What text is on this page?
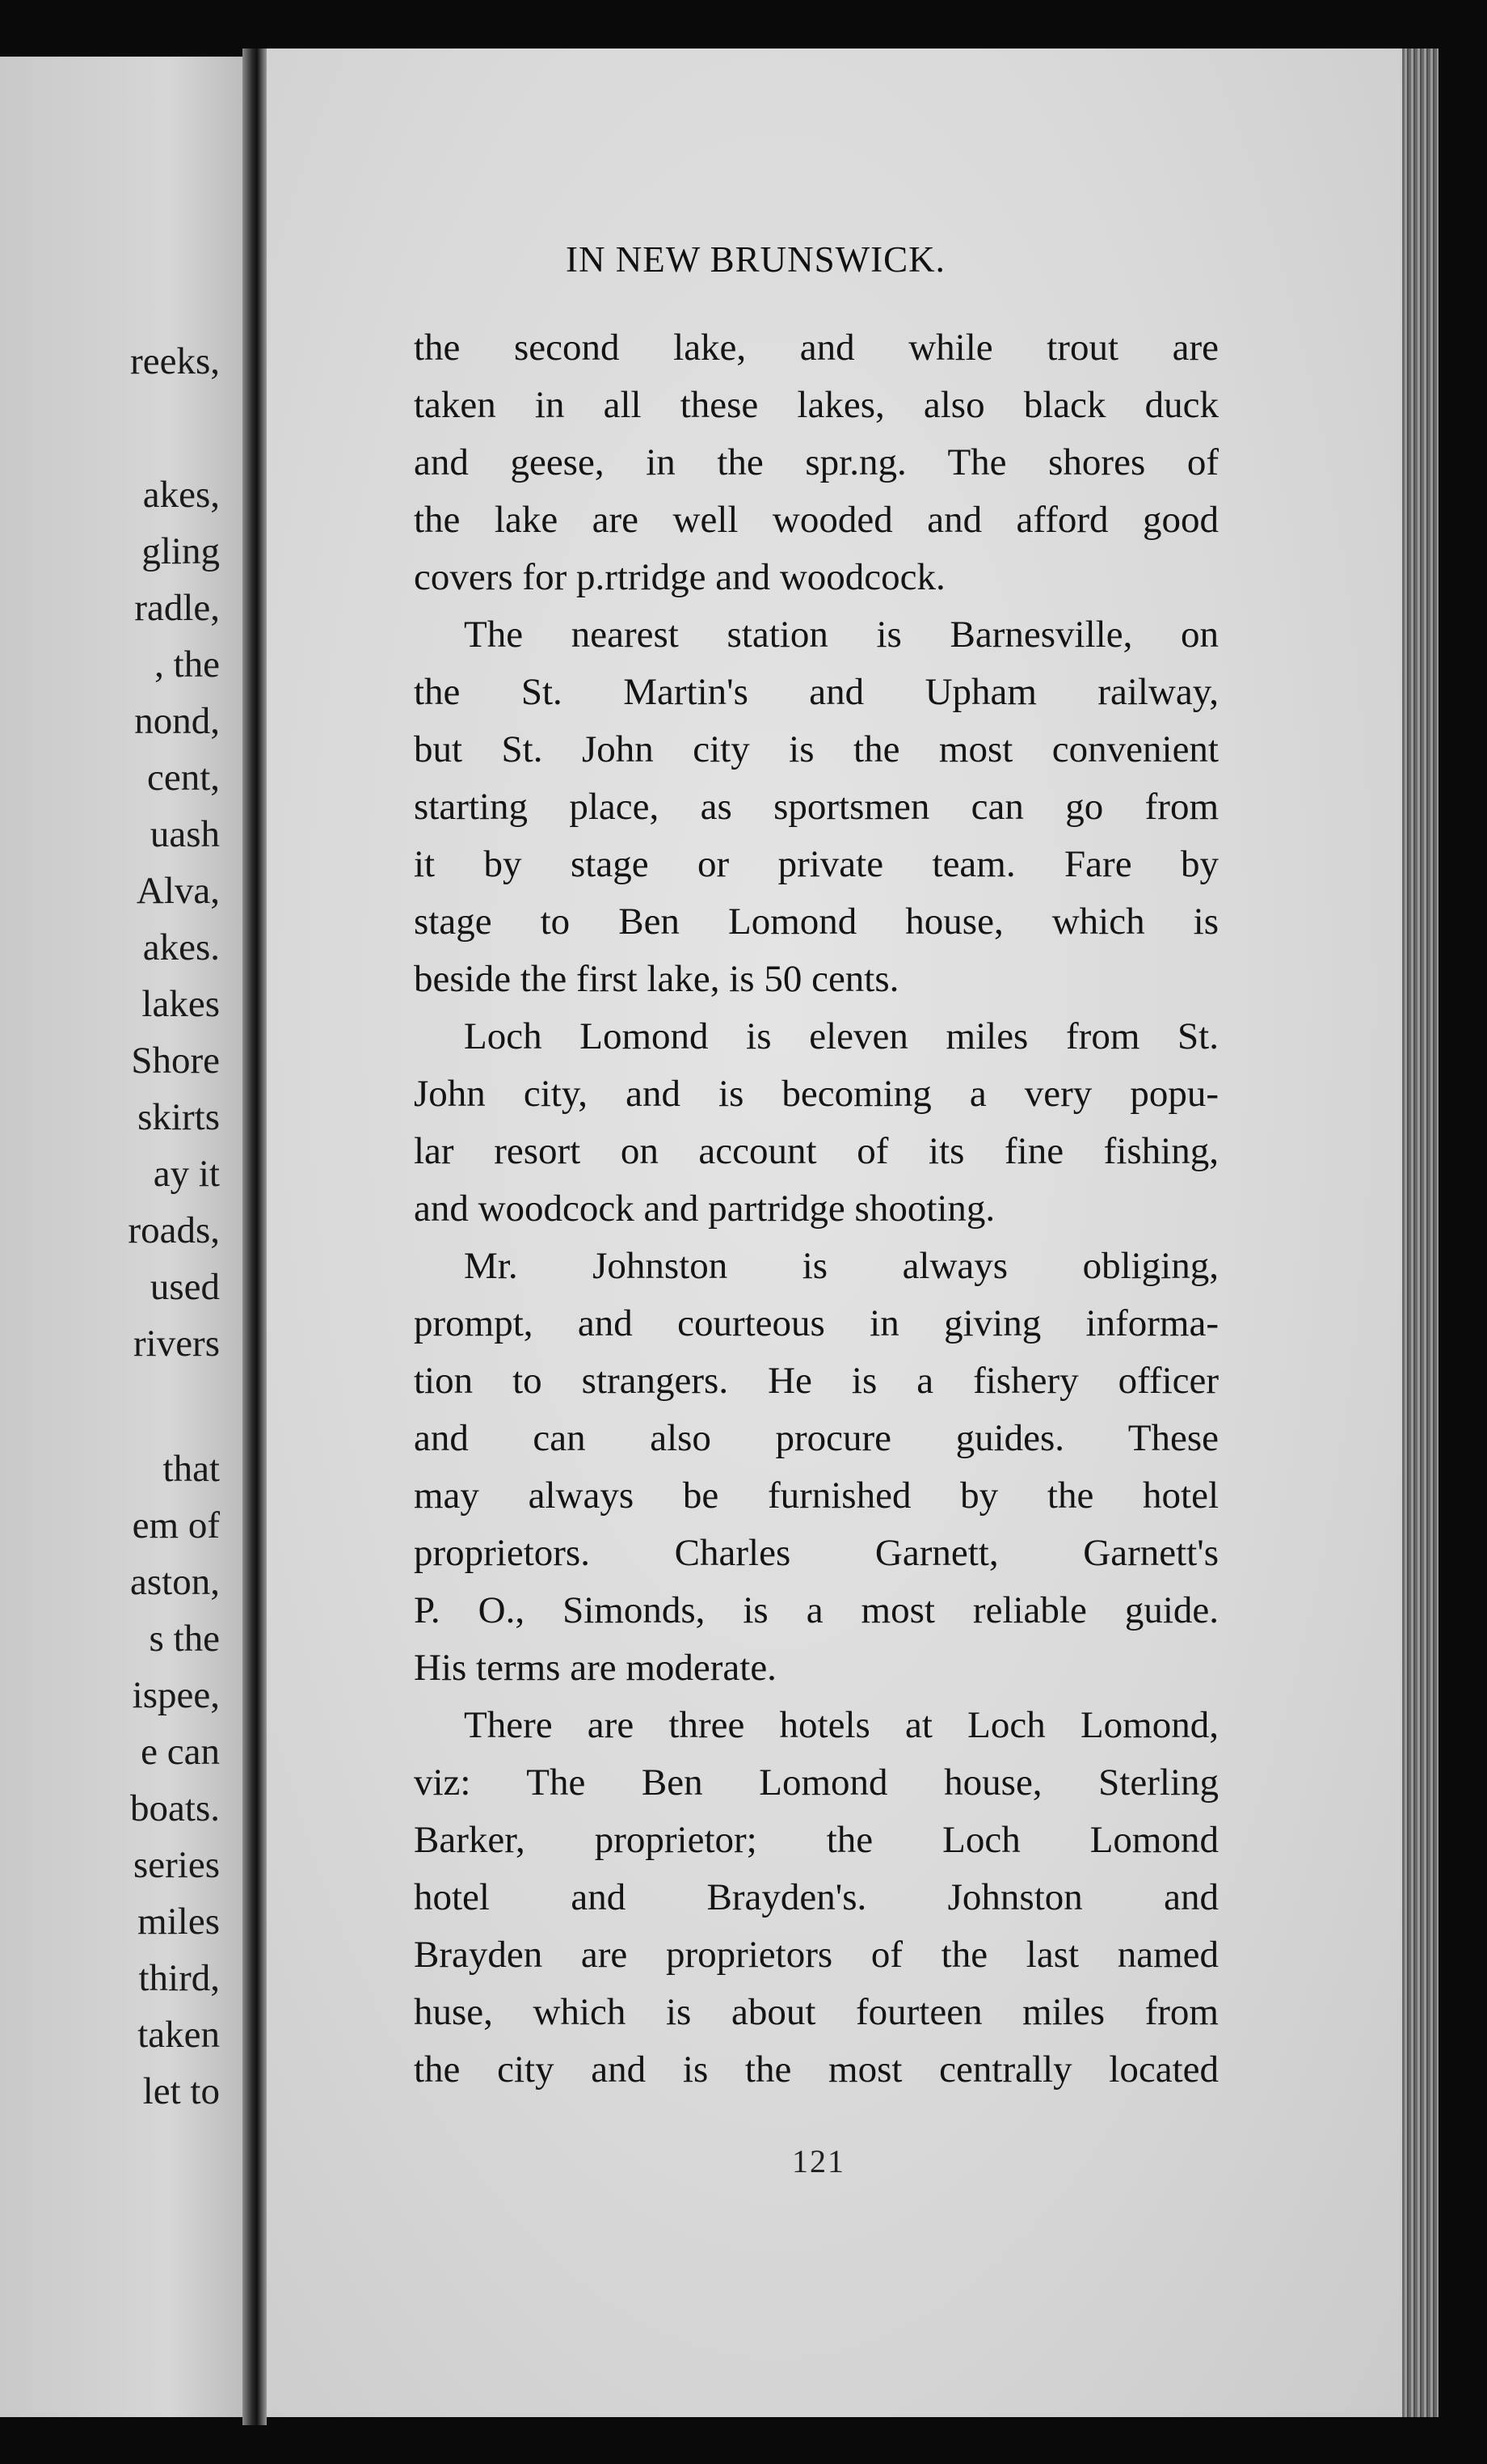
reeks,
akes,
gling
radle,
, the
nond,
cent,
uash
Alva,
akes.
lakes
Shore
skirts
ay it
roads,
used
rivers
that
em of
aston,
s the
ispee,
e can
boats.
series
miles
third,
taken
let to
IN NEW BRUNSWICK.
the second lake, and while trout are
taken in all these lakes, also black duck
and geese, in the spr.ng. The shores of
the lake are well wooded and afford good
covers for p.rtridge and woodcock.
The nearest station is Barnesville, on
the St. Martin's and Upham railway,
but St. John city is the most convenient
starting place, as sportsmen can go from
it by stage or private team. Fare by
stage to Ben Lomond house, which is
beside the first lake, is 50 cents.
Loch Lomond is eleven miles from St.
John city, and is becoming a very popu-
lar resort on account of its fine fishing,
and woodcock and partridge shooting.
Mr. Johnston is always obliging,
prompt, and courteous in giving informa-
tion to strangers. He is a fishery officer
and can also procure guides. These
may always be furnished by the hotel
proprietors. Charles Garnett, Garnett's
P. O., Simonds, is a most reliable guide.
His terms are moderate.
There are three hotels at Loch Lomond,
viz: The Ben Lomond house, Sterling
Barker, proprietor; the Loch Lomond
hotel and Brayden's. Johnston and
Brayden are proprietors of the last named
huse, which is about fourteen miles from
the city and is the most centrally located
121
